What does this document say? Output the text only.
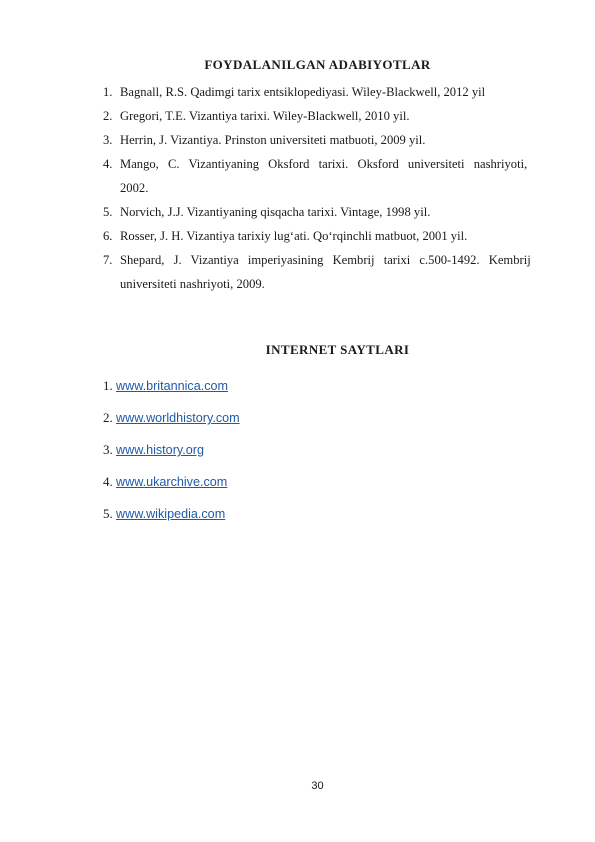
FOYDALANILGAN ADABIYOTLAR
1. Bagnall, R.S. Qadimgi tarix entsiklopediyasi. Wiley-Blackwell, 2012 yil
2. Gregori, T.E. Vizantiya tarixi. Wiley-Blackwell, 2010 yil.
3. Herrin, J. Vizantiya. Prinston universiteti matbuoti, 2009 yil.
4. Mango, C. Vizantiyaning Oksford tarixi. Oksford universiteti nashriyoti,
2002.
5. Norvich, J.J. Vizantiyaning qisqacha tarixi. Vintage, 1998 yil.
6. Rosser, J. H. Vizantiya tarixiy lug‘ati. Qo‘rqinchli matbuot, 2001 yil.
7. Shepard, J. Vizantiya imperiyasining Kembrij tarixi c.500-1492. Kembrij
universiteti nashriyoti, 2009.
INTERNET SAYTLARI
1. www.britannica.com
2. www.worldhistory.com
3. www.history.org
4. www.ukarchive.com
5. www.wikipedia.com
30
